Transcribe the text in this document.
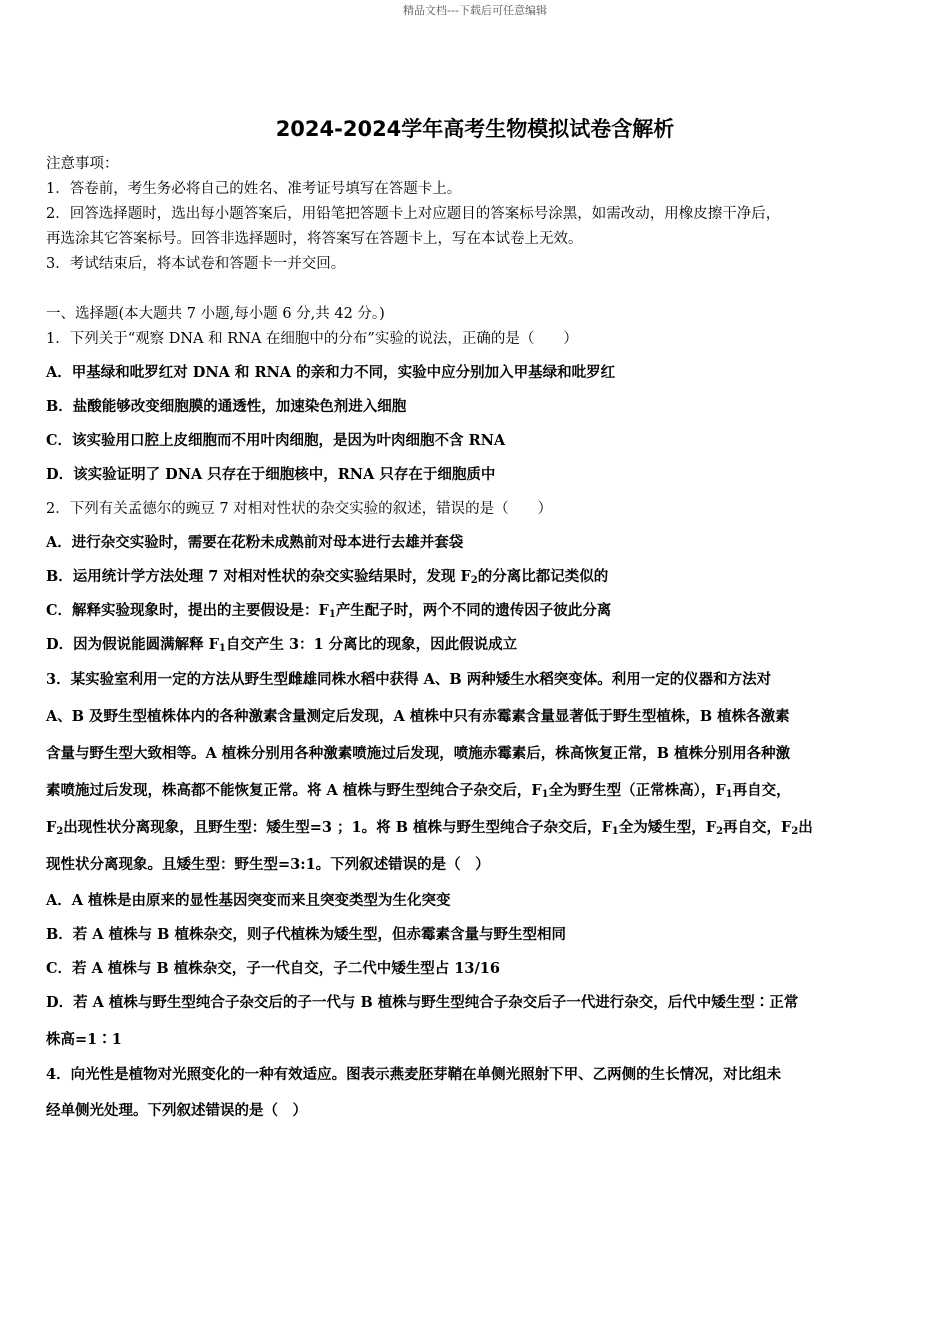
精品文档---下载后可任意编辑
2024-2024学年高考生物模拟试卷含解析
注意事项：
1．答卷前，考生务必将自己的姓名、准考证号填写在答题卡上。
2．回答选择题时，选出每小题答案后，用铅笔把答题卡上对应题目的答案标号涂黑，如需改动，用橡皮擦干净后，
再选涂其它答案标号。回答非选择题时，将答案写在答题卡上，写在本试卷上无效。
3．考试结束后，将本试卷和答题卡一并交回。
一、选择题(本大题共 7 小题,每小题 6 分,共 42 分。)
1．下列关于“观察 DNA 和 RNA 在细胞中的分布”实验的说法，正确的是（　　）
A．甲基绿和吡罗红对 DNA 和 RNA 的亲和力不同，实验中应分别加入甲基绿和吡罗红
B．盐酸能够改变细胞膜的通透性，加速染色剂进入细胞
C．该实验用口腔上皮细胞而不用叶肉细胞，是因为叶肉细胞不含 RNA
D．该实验证明了 DNA 只存在于细胞核中，RNA 只存在于细胞质中
2．下列有关孟德尔的豌豆 7 对相对性状的杂交实验的叙述，错误的是（　　）
A．进行杂交实验时，需要在花粉未成熟前对母本进行去雄并套袋
B．运用统计学方法处理 7 对相对性状的杂交实验结果时，发现 $F_2$的分离比都记类似的
C．解释实验现象时，提出的主要假设是：$F_1$产生配子时，两个不同的遗传因子彼此分离
D．因为假说能圆满解释 $F_1$自交产生 3：1 分离比的现象，因此假说成立
3．某实验室利用一定的方法从野生型雌雄同株水稻中获得 A、B 两种矮生水稻突变体。利用一定的仪器和方法对
A、B 及野生型植株体内的各种激素含量测定后发现，A 植株中只有赤霉素含量显著低于野生型植株，B 植株各激素
含量与野生型大致相等。A 植株分别用各种激素喷施过后发现，喷施赤霉素后，株高恢复正常，B 植株分别用各种激
素喷施过后发现，株高都不能恢复正常。将 A 植株与野生型纯合子杂交后，$F_1$全为野生型（正常株高），$F_1$再自交，
$F_2$出现性状分离现象，且野生型：矮生型=3 ；1。将 B 植株与野生型纯合子杂交后，$F_1$全为矮生型，$F_2$再自交，$F_2$出
现性状分离现象。且矮生型：野生型=3:1。下列叙述错误的是（　）
A．A 植株是由原来的显性基因突变而来且突变类型为生化突变
B．若 A 植株与 B 植株杂交，则子代植株为矮生型，但赤霉素含量与野生型相同
C．若 A 植株与 B 植株杂交，子一代自交，子二代中矮生型占 13/16
D．若 A 植株与野生型纯合子杂交后的子一代与 B 植株与野生型纯合子杂交后子一代进行杂交，后代中矮生型∶正常
株高=1∶1
4．向光性是植物对光照变化的一种有效适应。图表示燕麦胚芽鞘在单侧光照射下甲、乙两侧的生长情况，对比组未
经单侧光处理。下列叙述错误的是（　）
